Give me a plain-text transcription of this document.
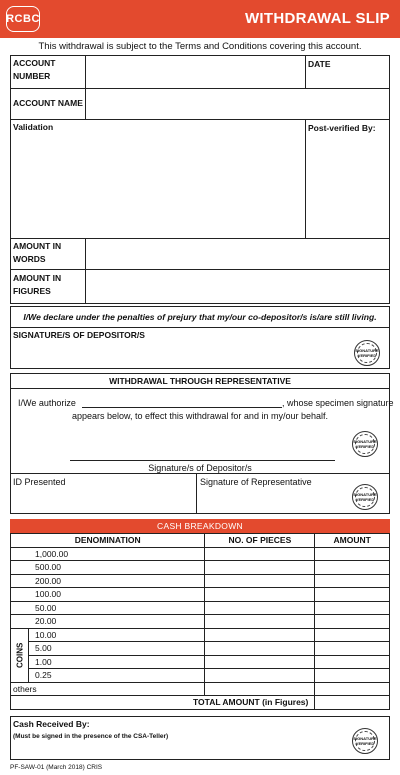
RCBC	WITHDRAWAL SLIP
This withdrawal is subject to the Terms and Conditions covering this account.
ACCOUNT NUMBER
DATE
ACCOUNT NAME
Validation	Post-verified By:
AMOUNT IN WORDS
AMOUNT IN FIGURES
I/We declare under the penalties of prejury that my/our co-depositor/s is/are still living.
SIGNATURE/S OF DEPOSITOR/S
SIGNATURE VERIFIED
WITHDRAWAL THROUGH REPRESENTATIVE
I/We authorize	, whose specimen signature
appears below, to effect this withdrawal for and in my/our behalf.
SIGNATURE VERIFIED
Signature/s of Depositor/s
ID Presented	Signature of Representative
SIGNATURE VERIFIED
CASH BREAKDOWN
DENOMINATION		NO. OF PIECES	AMOUNT
1,000.00			
500.00			
200.00			
100.00			
50.00			
20.00			
COINS	10.00		
	5.00		
	1.00		
	0.25		
others			
TOTAL AMOUNT (in Figures)			
Cash Received By:
(Must be signed in the presence of the CSA-Teller)	SIGNATURE VERIFIED
PF-SAW-01 (March 2018) CRIS
